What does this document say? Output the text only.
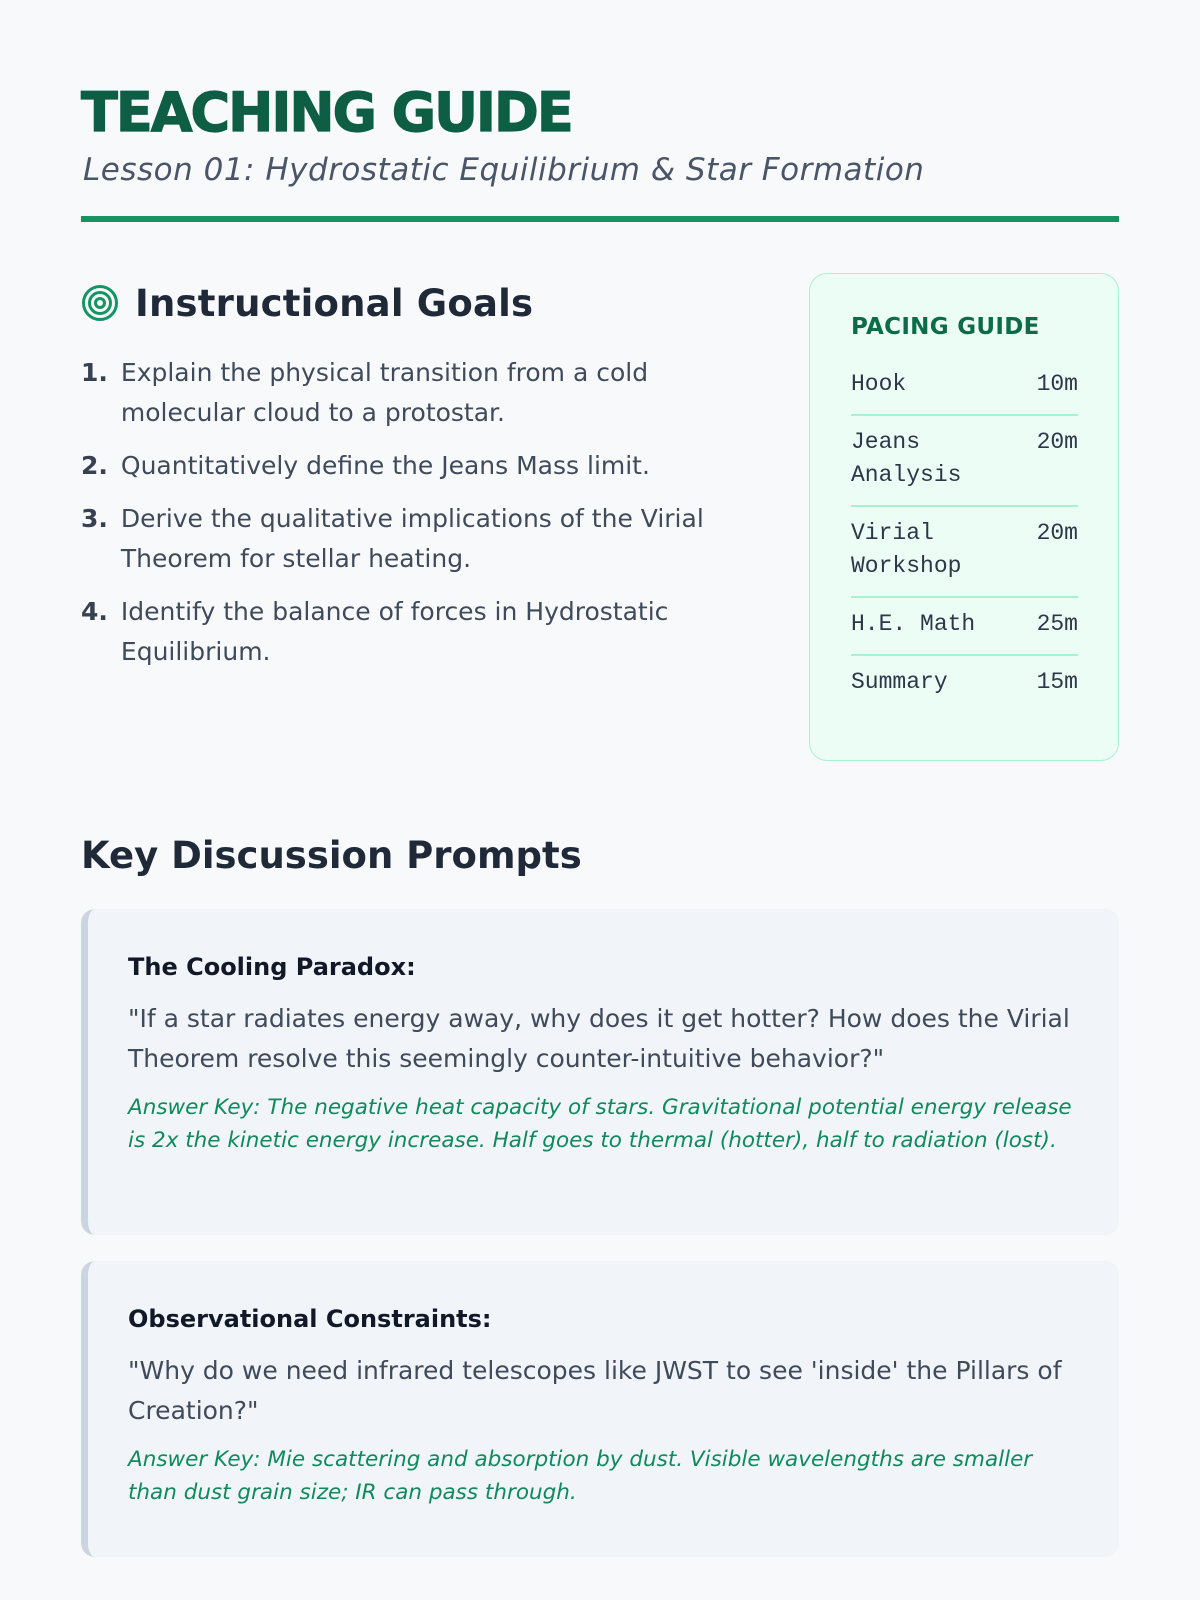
TEACHING GUIDE
Lesson 01: Hydrostatic Equilibrium & Star Formation
Instructional Goals
1. Explain the physical transition from a cold molecular cloud to a protostar.
2. Quantitatively define the Jeans Mass limit.
3. Derive the qualitative implications of the Virial Theorem for stellar heating.
4. Identify the balance of forces in Hydrostatic Equilibrium.
PACING GUIDE
Hook	10m
Jeans Analysis
20m
Virial Workshop
20m
H.E. Math	25m
Summary	15m
Key Discussion Prompts
The Cooling Paradox:

"If a star radiates energy away, why does it get hotter? How does the Virial Theorem resolve this seemingly counter-intuitive behavior?"

Answer Key: The negative heat capacity of stars. Gravitational potential energy release is 2x the kinetic energy increase. Half goes to thermal (hotter), half to radiation (lost).

Observational Constraints:

"Why do we need infrared telescopes like JWST to see 'inside' the Pillars of Creation?"

Answer Key: Mie scattering and absorption by dust. Visible wavelengths are smaller than dust grain size; IR can pass through.
